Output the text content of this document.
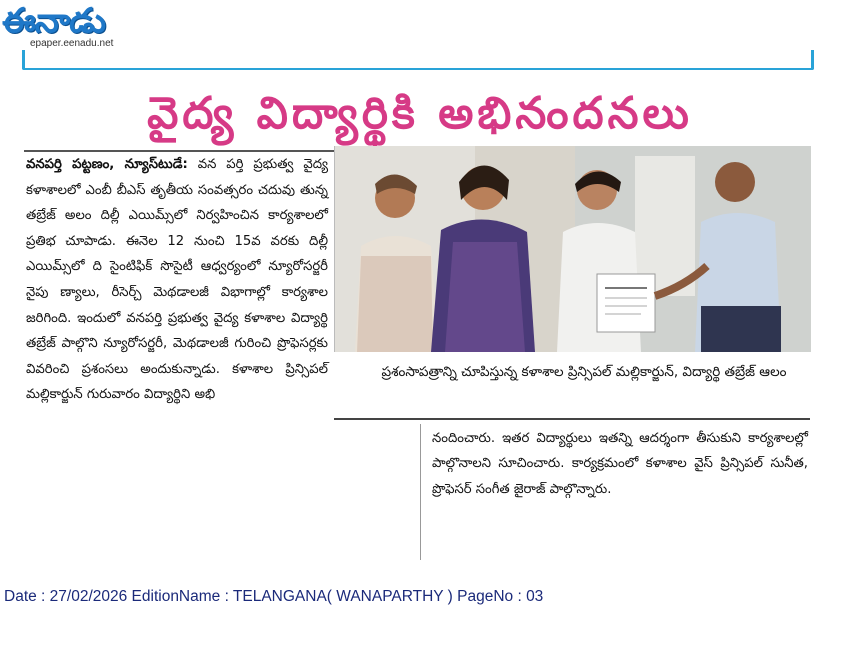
ఈనాడు
epaper.eenadu.net
వైద్య విద్యార్థికి అభినందనలు
వనపర్తి పట్టణం, న్యూస్‌టుడే: వన పర్తి ప్రభుత్వ వైద్య కళాశాలలో ఎంబీ బీఎస్ తృతీయ సంవత్సరం చదువు తున్న తబ్రేజ్ అలం దిల్లీ ఎయిమ్స్‌లో నిర్వహించిన కార్యశాలలో ప్రతిభ చూపాడు. ఈనెల 12 నుంచి 15వ వరకు దిల్లీ ఎయిమ్స్‌లో ది సైంటిఫిక్ సొసైటీ ఆధ్వర్యంలో న్యూరోసర్జరీ నైపు ణ్యాలు, రీసెర్చ్ మెథడాలజీ విభాగాల్లో కార్యశాల జరిగింది. ఇందులో వనపర్తి ప్రభుత్వ వైద్య కళాశాల విద్యార్థి తబ్రేజ్ పాల్గొని న్యూరోసర్జరీ, మెథడాలజీ గురించి ప్రొఫెసర్లకు వివరించి ప్రశంసలు అందుకున్నాడు. కళాశాల ప్రిన్సిపల్ మల్లికార్జున్ గురువారం విద్యార్థిని అభి
ప్రశంసాపత్రాన్ని చూపిస్తున్న కళాశాల ప్రిన్సిపల్ మల్లికార్జున్, విద్యార్థి తబ్రేజ్ ఆలం
నందించారు. ఇతర విద్యార్థులు ఇతన్ని ఆదర్శంగా తీసుకుని కార్యశాలల్లో పాల్గొనాలని సూచించారు. కార్యక్రమంలో కళాశాల వైస్ ప్రిన్సిపల్ సునీత, ప్రొఫెసర్ సంగీత జైరాజ్ పాల్గొన్నారు.
Date : 27/02/2026 EditionName : TELANGANA( WANAPARTHY ) PageNo : 03
